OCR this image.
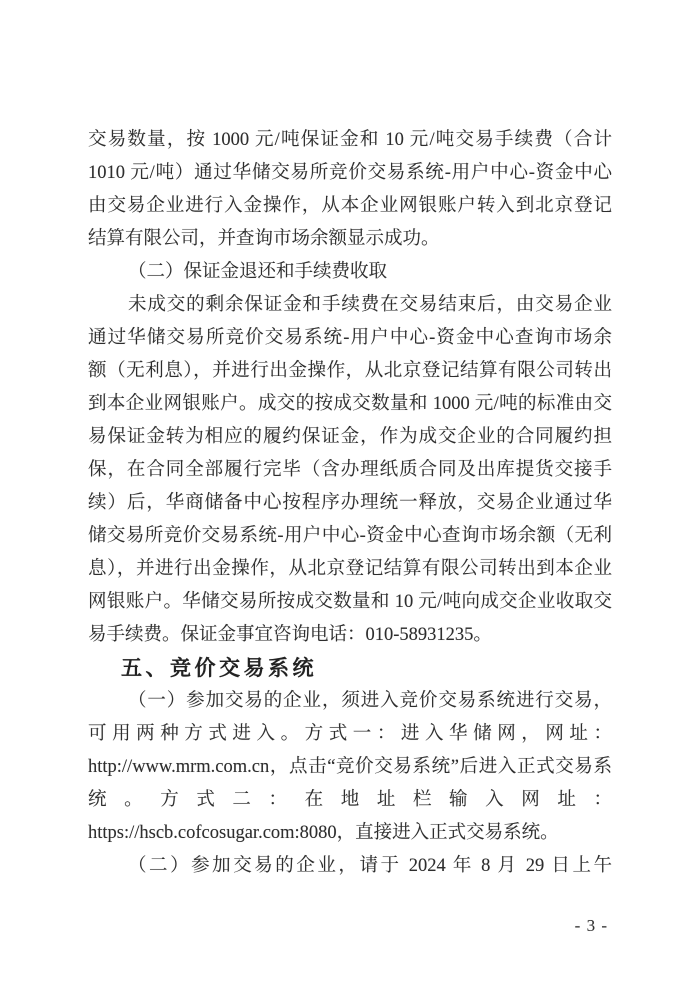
交易数量，按 1000 元/吨保证金和 10 元/吨交易手续费（合计
1010 元/吨）通过华储交易所竞价交易系统-用户中心-资金中心
由交易企业进行入金操作，从本企业网银账户转入到北京登记
结算有限公司，并查询市场余额显示成功。
（二）保证金退还和手续费收取
未成交的剩余保证金和手续费在交易结束后，由交易企业
通过华储交易所竞价交易系统-用户中心-资金中心查询市场余
额（无利息），并进行出金操作，从北京登记结算有限公司转出
到本企业网银账户。成交的按成交数量和 1000 元/吨的标准由交
易保证金转为相应的履约保证金，作为成交企业的合同履约担
保，在合同全部履行完毕（含办理纸质合同及出库提货交接手
续）后，华商储备中心按程序办理统一释放，交易企业通过华
储交易所竞价交易系统-用户中心-资金中心查询市场余额（无利
息），并进行出金操作，从北京登记结算有限公司转出到本企业
网银账户。华储交易所按成交数量和 10 元/吨向成交企业收取交
易手续费。保证金事宜咨询电话：010-58931235。
五、竞价交易系统
（一）参加交易的企业，须进入竞价交易系统进行交易，
可用两种方式进入。方式一：进入华储网，网址：
http://www.mrm.com.cn，点击“竞价交易系统”后进入正式交易系
统。方式二：在地址栏输入网址：
https://hscb.cofcosugar.com:8080，直接进入正式交易系统。
（二）参加交易的企业，请于 2024 年 8 月 29 日上午
- 3 -
